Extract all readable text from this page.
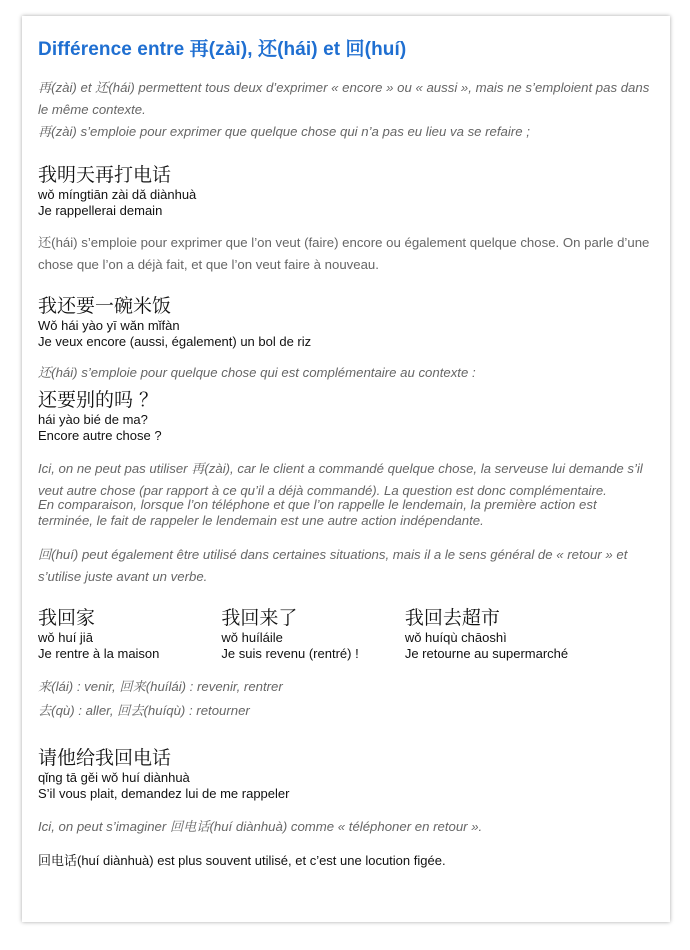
Différence entre 再(zài), 还(hái) et 回(huí)

再(zài) et 还(hái) permettent tous deux d’exprimer « encore » ou « aussi », mais ne s’emploient pas dans le même contexte.
再(zài) s’emploie pour exprimer que quelque chose qui n’a pas eu lieu va se refaire ;

我明天再打电话
wǒ míngtiān zài dǎ diànhuà
Je rappellerai demain

还(hái) s’emploie pour exprimer que l’on veut (faire) encore ou également quelque chose. On parle d’une chose que l’on a déjà fait, et que l’on veut faire à nouveau.

我还要一碗米饭
Wǒ hái yào yī wǎn mǐfàn
Je veux encore (aussi, également) un bol de riz

还(hái) s’emploie pour quelque chose qui est complémentaire au contexte :

还要别的吗 ？
hái yào bié de ma?
Encore autre chose ?

Ici, on ne peut pas utiliser 再(zài), car le client a commandé quelque chose, la serveuse lui demande s’il veut autre chose (par rapport à ce qu’il a déjà commandé). La question est donc complémentaire.
En comparaison, lorsque l’on téléphone et que l’on rappelle le lendemain, la première action est terminée, le fait de rappeler le lendemain est une autre action indépendante.

回(huí) peut également être utilisé dans certaines situations, mais il a le sens général de « retour » et s’utilise juste avant un verbe.

我回家
wǒ huí jiā
Je rentre à la maison
我回来了
wǒ huíláile
Je suis revenu (rentré) !
我回去超市
wǒ huíqù chāoshì
Je retourne au supermarché

来(lái) : venir, 回来(huílái) : revenir, rentrer

去(qù) : aller, 回去(huíqù) : retourner

请他给我回电话
qǐng tā gěi wǒ huí diànhuà
S’il vous plait, demandez lui de me rappeler

Ici, on peut s’imaginer 回电话(huí diànhuà) comme « téléphoner en retour ».

回电话(huí diànhuà) est plus souvent utilisé, et c’est une locution figée.
